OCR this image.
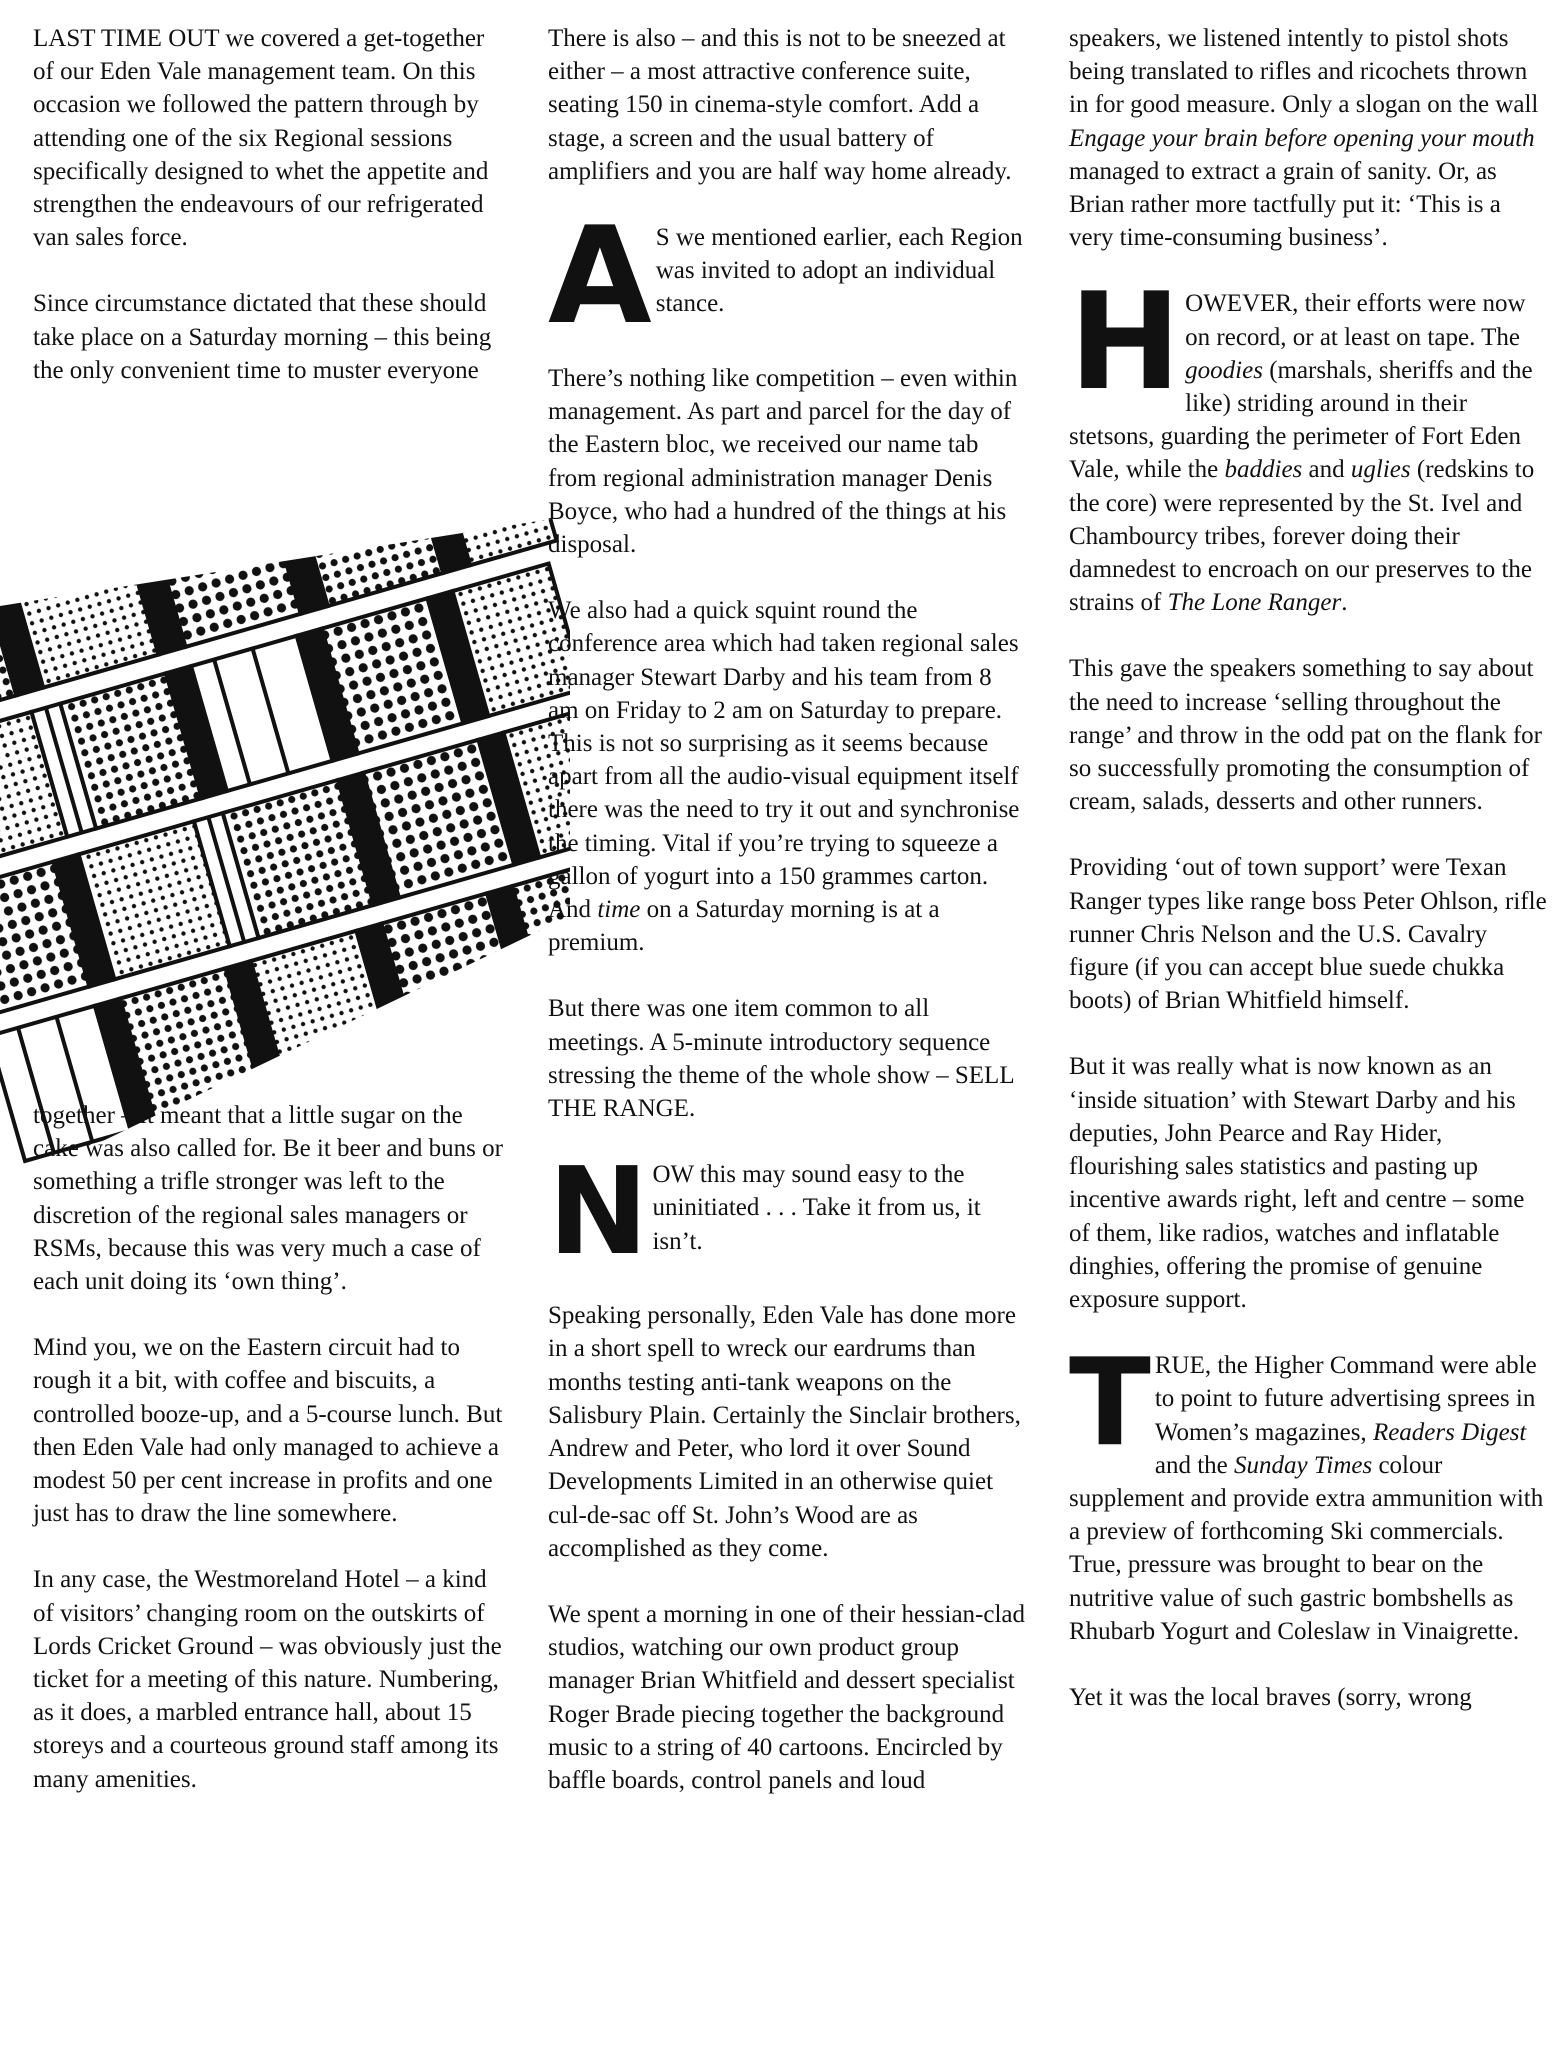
LAST TIME OUT we covered a get-together of our Eden Vale management team. On this occasion we followed the pattern through by attending one of the six Regional sessions specifically designed to whet the appetite and strengthen the endeavours of our refrigerated van sales force.

Since circumstance dictated that these should take place on a Saturday morning – this being the only convenient time to muster everyone

together – it meant that a little sugar on the cake was also called for. Be it beer and buns or something a trifle stronger was left to the discretion of the regional sales managers or RSMs, because this was very much a case of each unit doing its ‘own thing’.

Mind you, we on the Eastern circuit had to rough it a bit, with coffee and biscuits, a controlled booze-up, and a 5-course lunch. But then Eden Vale had only managed to achieve a modest 50 per cent increase in profits and one just has to draw the line somewhere.

In any case, the Westmoreland Hotel – a kind of visitors’ changing room on the outskirts of Lords Cricket Ground – was obviously just the ticket for a meeting of this nature. Numbering, as it does, a marbled entrance hall, about 15 storeys and a courteous ground staff among its many amenities.

There is also – and this is not to be sneezed at either – a most attractive conference suite, seating 150 in cinema-style comfort. Add a stage, a screen and the usual battery of amplifiers and you are half way home already.

A S we mentioned earlier, each Region was invited to adopt an individual stance.

There’s nothing like competition – even within management. As part and parcel for the day of the Eastern bloc, we received our name tab from regional administration manager Denis Boyce, who had a hundred of the things at his disposal.

We also had a quick squint round the conference area which had taken regional sales manager Stewart Darby and his team from 8 am on Friday to 2 am on Saturday to prepare. This is not so surprising as it seems because apart from all the audio-visual equipment itself there was the need to try it out and synchronise the timing. Vital if you’re trying to squeeze a gallon of yogurt into a 150 grammes carton. And time on a Saturday morning is at a premium.

But there was one item common to all meetings. A 5-minute introductory sequence stressing the theme of the whole show – SELL THE RANGE.

N OW this may sound easy to the uninitiated . . . Take it from us, it isn’t.

Speaking personally, Eden Vale has done more in a short spell to wreck our eardrums than months testing anti-tank weapons on the Salisbury Plain. Certainly the Sinclair brothers, Andrew and Peter, who lord it over Sound Developments Limited in an otherwise quiet cul-de-sac off St. John’s Wood are as accomplished as they come.

We spent a morning in one of their hessian-clad studios, watching our own product group manager Brian Whitfield and dessert specialist Roger Brade piecing together the background music to a string of 40 cartoons. Encircled by baffle boards, control panels and loud

speakers, we listened intently to pistol shots being translated to rifles and ricochets thrown in for good measure. Only a slogan on the wall Engage your brain before opening your mouth managed to extract a grain of sanity. Or, as Brian rather more tactfully put it: ‘This is a very time-consuming business’.

H OWEVER, their efforts were now on record, or at least on tape. The goodies (marshals, sheriffs and the like) striding around in their stetsons, guarding the perimeter of Fort Eden Vale, while the baddies and uglies (redskins to the core) were represented by the St. Ivel and Chambourcy tribes, forever doing their damnedest to encroach on our preserves to the strains of The Lone Ranger.

This gave the speakers something to say about the need to increase ‘selling throughout the range’ and throw in the odd pat on the flank for so successfully promoting the consumption of cream, salads, desserts and other runners.

Providing ‘out of town support’ were Texan Ranger types like range boss Peter Ohlson, rifle runner Chris Nelson and the U.S. Cavalry figure (if you can accept blue suede chukka boots) of Brian Whitfield himself.

But it was really what is now known as an ‘inside situation’ with Stewart Darby and his deputies, John Pearce and Ray Hider, flourishing sales statistics and pasting up incentive awards right, left and centre – some of them, like radios, watches and inflatable dinghies, offering the promise of genuine exposure support.

T RUE, the Higher Command were able to point to future advertising sprees in Women’s magazines, Readers Digest and the Sunday Times colour supplement and provide extra ammunition with a preview of forthcoming Ski commercials. True, pressure was brought to bear on the nutritive value of such gastric bombshells as Rhubarb Yogurt and Coleslaw in Vinaigrette.

Yet it was the local braves (sorry, wrong
